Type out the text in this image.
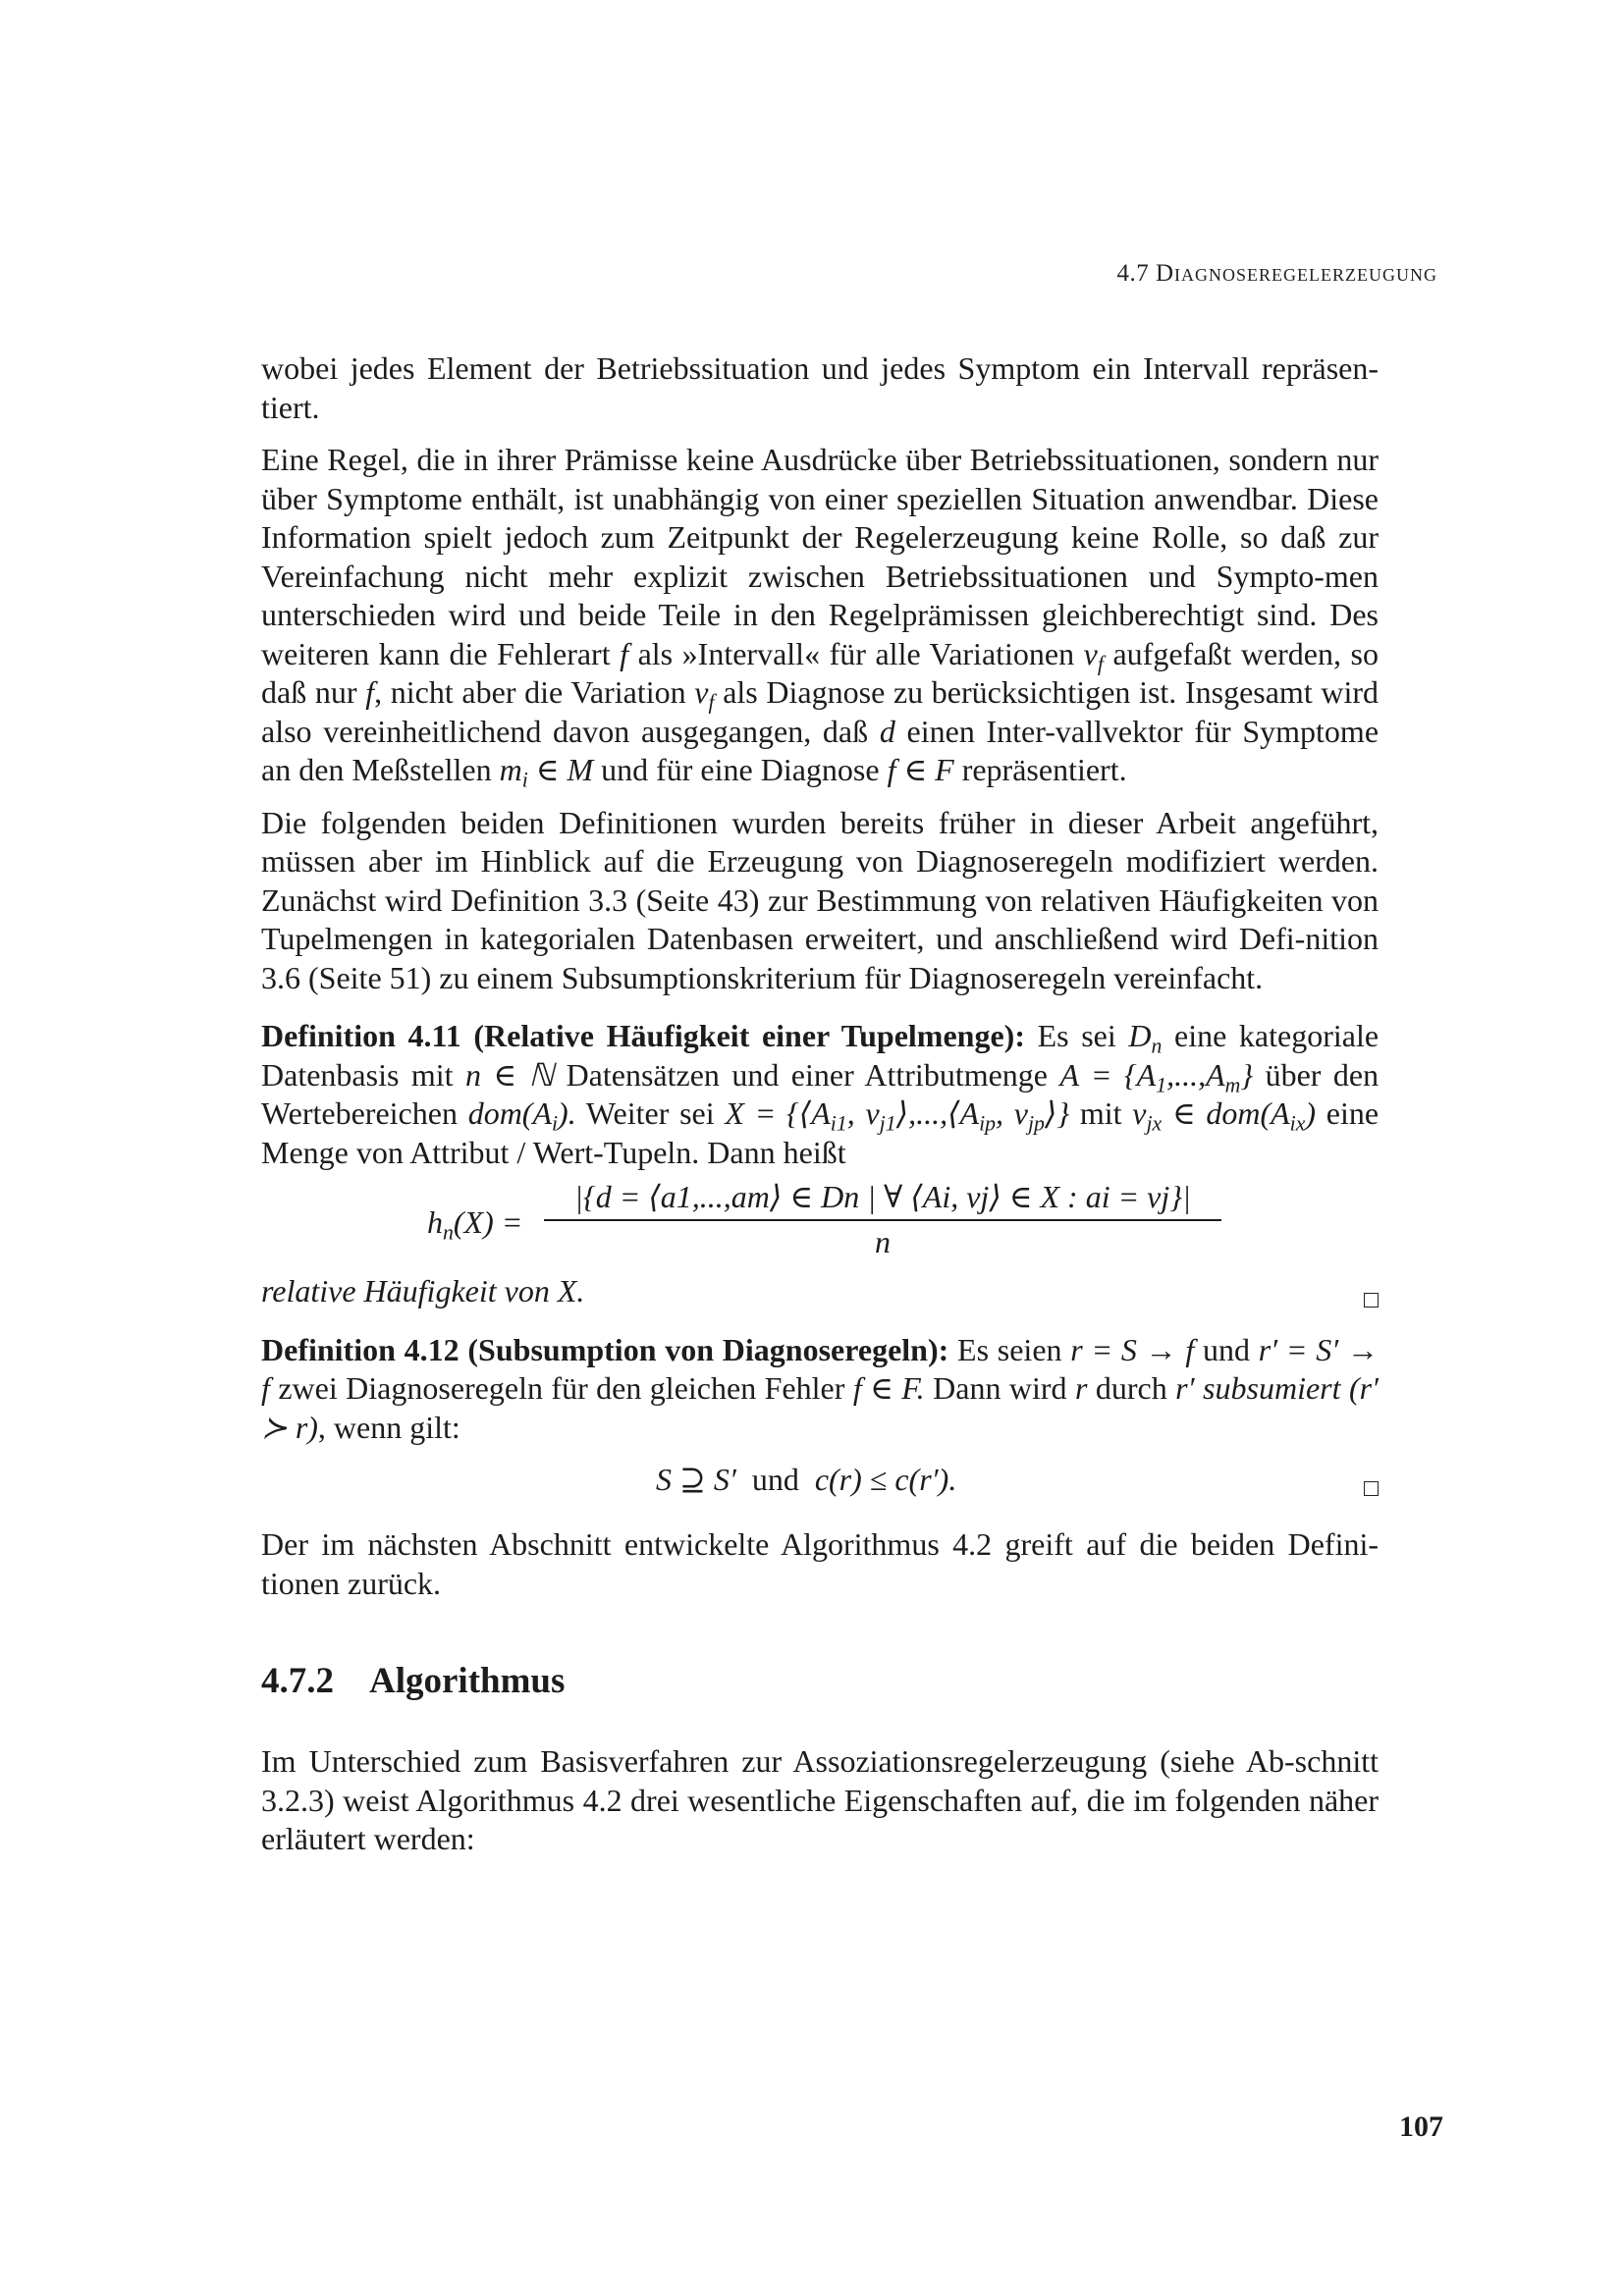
4.7 Diagnoseregelerzeugung

wobei jedes Element der Betriebssituation und jedes Symptom ein Intervall repräsen-tiert.

Eine Regel, die in ihrer Prämisse keine Ausdrücke über Betriebssituationen, sondern nur über Symptome enthält, ist unabhängig von einer speziellen Situation anwendbar. Diese Information spielt jedoch zum Zeitpunkt der Regelerzeugung keine Rolle, so daß zur Vereinfachung nicht mehr explizit zwischen Betriebssituationen und Sympto-men unterschieden wird und beide Teile in den Regelprämissen gleichberechtigt sind. Des weiteren kann die Fehlerart f als »Intervall« für alle Variationen $v_f$ aufgefaßt werden, so daß nur f, nicht aber die Variation $v_f$ als Diagnose zu berücksichtigen ist. Insgesamt wird also vereinheitlichend davon ausgegangen, daß d einen Inter-vallvektor für Symptome an den Meßstellen $m_i$ ∈ M und für eine Diagnose f ∈ F repräsentiert.

Die folgenden beiden Definitionen wurden bereits früher in dieser Arbeit angeführt, müssen aber im Hinblick auf die Erzeugung von Diagnoseregeln modifiziert werden. Zunächst wird Definition 3.3 (Seite 43) zur Bestimmung von relativen Häufigkeiten von Tupelmengen in kategorialen Datenbasen erweitert, und anschließend wird Defi-nition 3.6 (Seite 51) zu einem Subsumptionskriterium für Diagnoseregeln vereinfacht.

Definition 4.11 (Relative Häufigkeit einer Tupelmenge): Es sei $D_n$ eine kategoriale Datenbasis mit n ∈ ℕ Datensätzen und einer Attributmenge $A = \{A_1,...,A_m\}$ über den Wertebereichen $dom(A_i)$. Weiter sei $X = \{⟨A_{i1}$, $v_{j1}⟩,...,⟨A_{ip}$, $v_{jp}⟩$} mit $v_{jx}$ ∈ $dom(A_{ix})$ eine Menge von Attribut / Wert-Tupeln. Dann heißt
$h_n(X) = \frac{|\{d = ⟨a1,...,am⟩ \in Dn | \forall ⟨Ai, vj⟩ \in X : ai = vj\}|}{n}$
relative Häufigkeit von X.
Definition 4.12 (Subsumption von Diagnoseregeln): Es seien r = S → f und r′ = S′ → f zwei Diagnoseregeln für den gleichen Fehler f ∈ F. Dann wird r durch r′ subsumiert (r′ ≻ r), wenn gilt:
S ⊇ S′ und c(r) ≤ c(r′).

Der im nächsten Abschnitt entwickelte Algorithmus 4.2 greift auf die beiden Defini-tionen zurück.

4.7.2 Algorithmus

Im Unterschied zum Basisverfahren zur Assoziationsregelerzeugung (siehe Ab-schnitt 3.2.3) weist Algorithmus 4.2 drei wesentliche Eigenschaften auf, die im folgenden näher erläutert werden:

107
